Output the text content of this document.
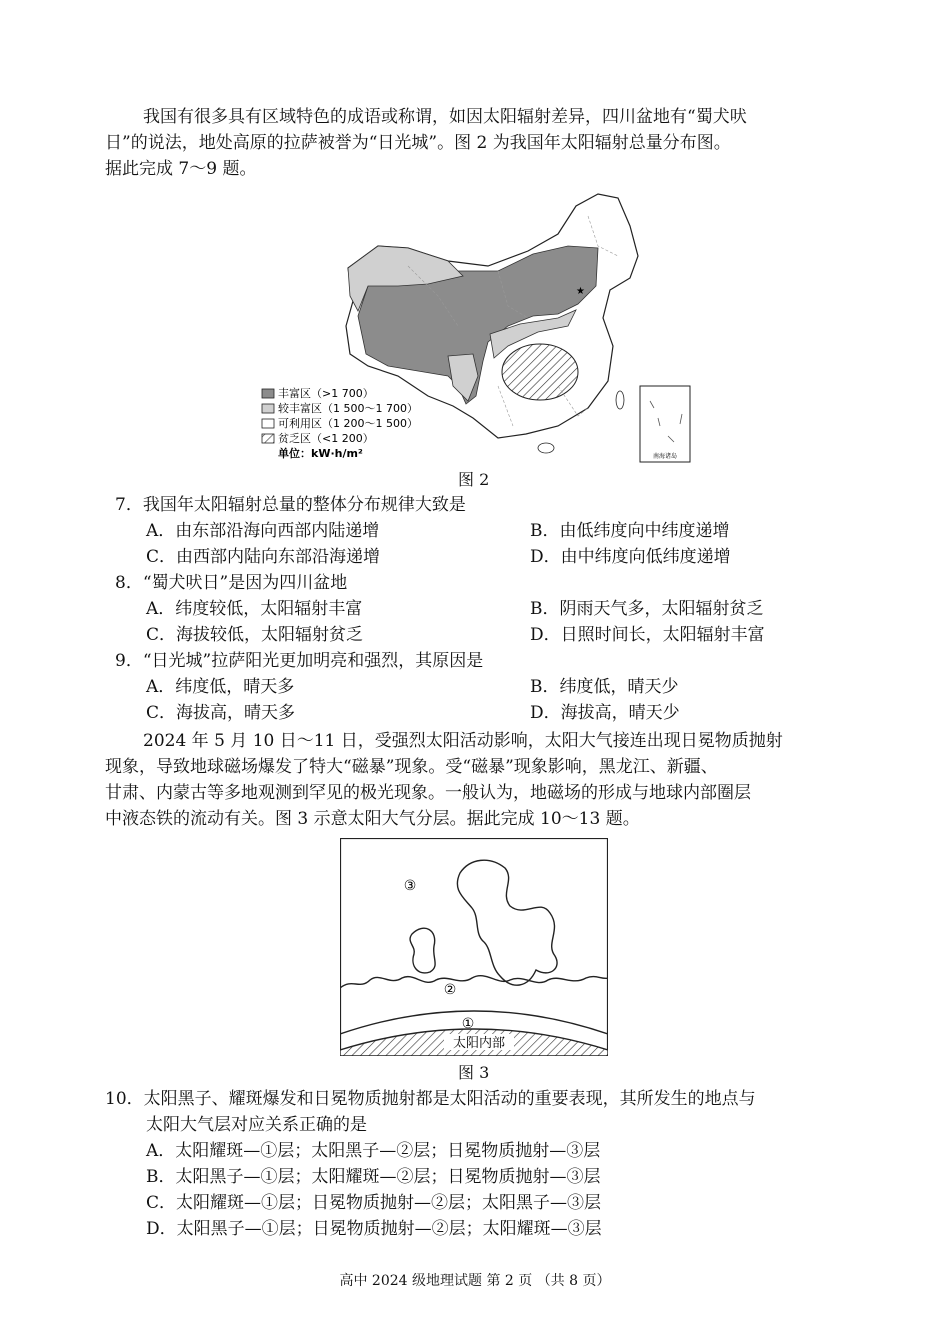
我国有很多具有区域特色的成语或称谓，如因太阳辐射差异，四川盆地有“蜀犬吠
日”的说法，地处高原的拉萨被誉为“日光城”。图 2 为我国年太阳辐射总量分布图。
据此完成 7～9 题。
★
南海诸岛
丰富区（>1 700）
较丰富区（1 500～1 700）
可利用区（1 200～1 500）
贫乏区（<1 200）
单位：kW·h/m²
图 2
7．我国年太阳辐射总量的整体分布规律大致是
A．由东部沿海向西部内陆递增	B．由低纬度向中纬度递增
C．由西部内陆向东部沿海递增	D．由中纬度向低纬度递增
8．“蜀犬吠日”是因为四川盆地
A．纬度较低，太阳辐射丰富	B．阴雨天气多，太阳辐射贫乏
C．海拔较低，太阳辐射贫乏	D．日照时间长，太阳辐射丰富
9．“日光城”拉萨阳光更加明亮和强烈，其原因是
A．纬度低，晴天多	B．纬度低，晴天少
C．海拔高，晴天多	D．海拔高，晴天少
2024 年 5 月 10 日～11 日，受强烈太阳活动影响，太阳大气接连出现日冕物质抛射
现象，导致地球磁场爆发了特大“磁暴”现象。受“磁暴”现象影响，黑龙江、新疆、
甘肃、内蒙古等多地观测到罕见的极光现象。一般认为，地磁场的形成与地球内部圈层
中液态铁的流动有关。图 3 示意太阳大气分层。据此完成 10～13 题。
③
②
①
太阳内部
图 3
10．太阳黑子、耀斑爆发和日冕物质抛射都是太阳活动的重要表现，其所发生的地点与
太阳大气层对应关系正确的是
A．太阳耀斑—①层；太阳黑子—②层；日冕物质抛射—③层
B．太阳黑子—①层；太阳耀斑—②层；日冕物质抛射—③层
C．太阳耀斑—①层；日冕物质抛射—②层；太阳黑子—③层
D．太阳黑子—①层；日冕物质抛射—②层；太阳耀斑—③层
高中 2024 级地理试题 第 2 页 （共 8 页）
